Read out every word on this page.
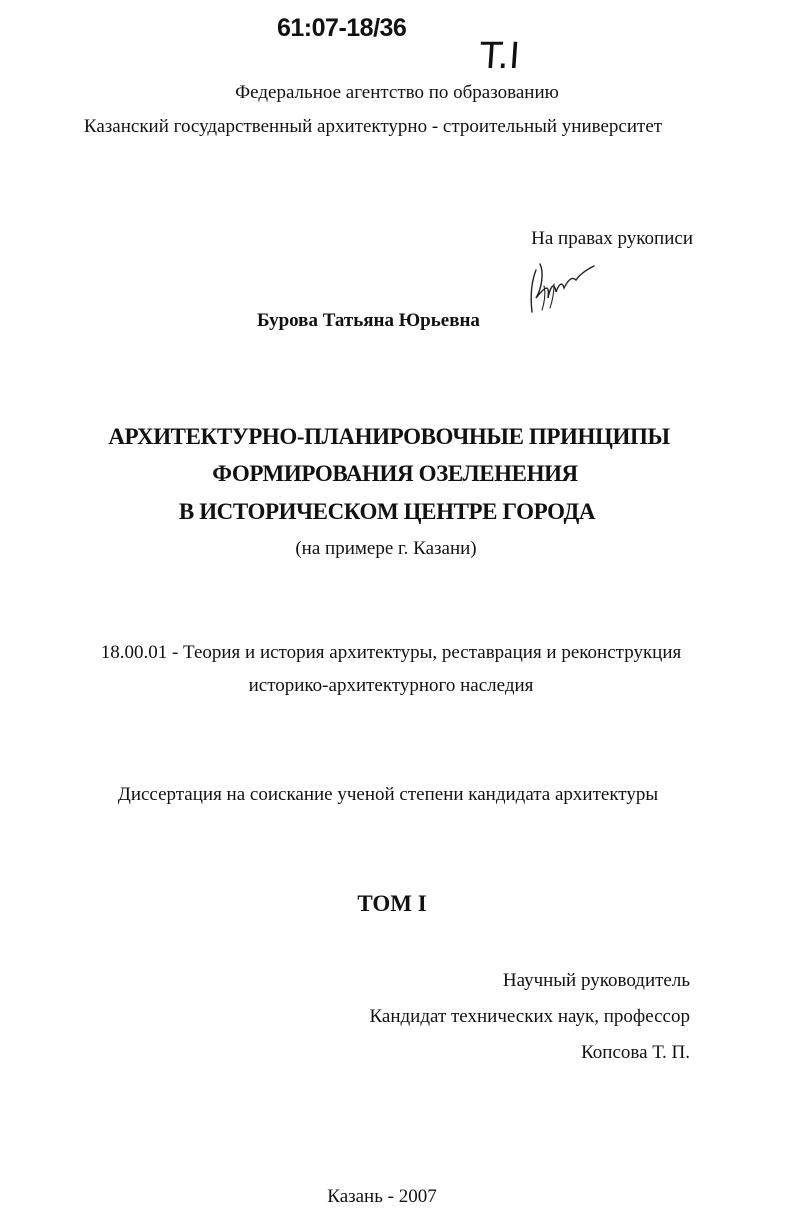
61:07-18/36
T.I
Федеральное агентство по образованию
Казанский государственный архитектурно - строительный университет
На правах рукописи
Бурова Татьяна Юрьевна
АРХИТЕКТУРНО-ПЛАНИРОВОЧНЫЕ ПРИНЦИПЫ
ФОРМИРОВАНИЯ ОЗЕЛЕНЕНИЯ
В ИСТОРИЧЕСКОМ ЦЕНТРЕ ГОРОДА
(на примере г. Казани)
18.00.01 - Теория и история архитектуры, реставрация и реконструкция
историко-архитектурного наследия
Диссертация на соискание ученой степени кандидата архитектуры
ТОМ I
Научный руководитель
Кандидат технических наук, профессор
Копсова Т. П.
Казань - 2007
